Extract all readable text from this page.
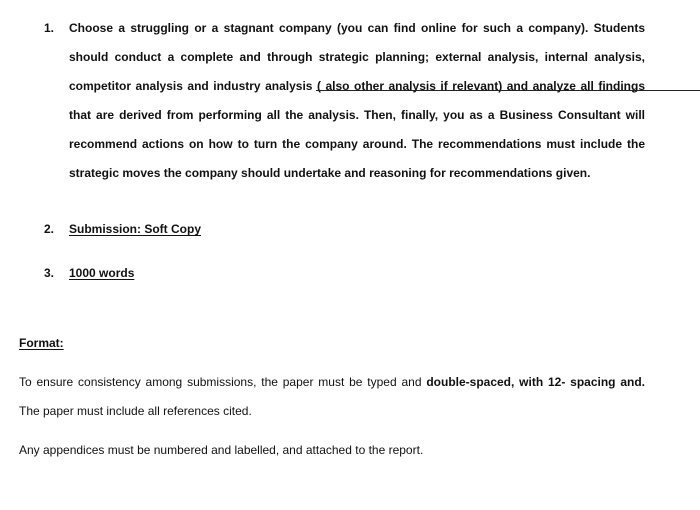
1. Choose a struggling or a stagnant company (you can find online for such a company). Students should conduct a complete and through strategic planning; external analysis, internal analysis, competitor analysis and industry analysis ( also other analysis if relevant) and analyze all findings that are derived from performing all the analysis. Then, finally, you as a Business Consultant will recommend actions on how to turn the company around. The recommendations must include the strategic moves the company should undertake and reasoning for recommendations given.
2. Submission: Soft Copy
3. 1000 words
Format:
To ensure consistency among submissions, the paper must be typed and double-spaced, with 12- spacing and. The paper must include all references cited.
Any appendices must be numbered and labelled, and attached to the report.
